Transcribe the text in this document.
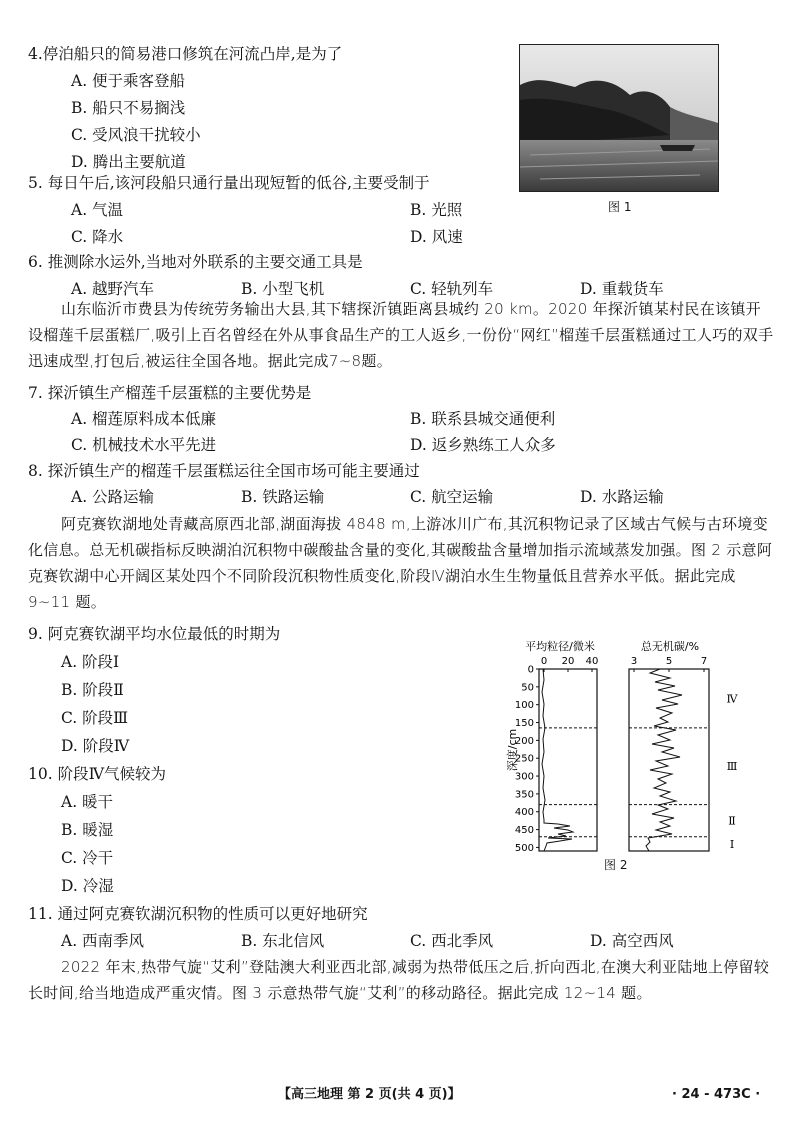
4.停泊船只的简易港口修筑在河流凸岸,是为了
A. 便于乘客登船
B. 船只不易搁浅
C. 受风浪干扰较小
D. 腾出主要航道
图 1
5. 每日午后,该河段船只通行量出现短暂的低谷,主要受制于
A. 气温	B. 光照
C. 降水	D. 风速
6. 推测除水运外,当地对外联系的主要交通工具是
A. 越野汽车	B. 小型飞机	C. 轻轨列车	D. 重载货车
山东临沂市费县为传统劳务输出大县,其下辖探沂镇距离县城约 20 km。2020 年探沂镇某村民在该镇开设榴莲千层蛋糕厂,吸引上百名曾经在外从事食品生产的工人返乡,一份份“网红”榴莲千层蛋糕通过工人巧的双手迅速成型,打包后,被运往全国各地。据此完成7~8题。
7. 探沂镇生产榴莲千层蛋糕的主要优势是
A. 榴莲原料成本低廉	B. 联系县城交通便利
C. 机械技术水平先进	D. 返乡熟练工人众多
8. 探沂镇生产的榴莲千层蛋糕运往全国市场可能主要通过
A. 公路运输	B. 铁路运输	C. 航空运输	D. 水路运输
阿克赛钦湖地处青藏高原西北部,湖面海拔 4848 m,上游冰川广布,其沉积物记录了区域古气候与古环境变化信息。总无机碳指标反映湖泊沉积物中碳酸盐含量的变化,其碳酸盐含量增加指示流域蒸发加强。图 2 示意阿克赛钦湖中心开阔区某处四个不同阶段沉积物性质变化,阶段Ⅳ湖泊水生生物量低且营养水平低。据此完成 9~11 题。
9. 阿克赛钦湖平均水位最低的时期为
A. 阶段Ⅰ
B. 阶段Ⅱ
C. 阶段Ⅲ
D. 阶段Ⅳ
10. 阶段Ⅳ气候较为
A. 暖干
B. 暖湿
C. 冷干
D. 冷湿
平均粒径/微米	总无机碳/%
深度/cm
0
50
100
150
200
250
300
350
400
450
500
0 20 40	3	5	7
Ⅳ
Ⅲ
Ⅱ
Ⅰ
图 2
11. 通过阿克赛钦湖沉积物的性质可以更好地研究
A. 西南季风	B. 东北信风	C. 西北季风	D. 高空西风
2022 年末,热带气旋“艾利”登陆澳大利亚西北部,减弱为热带低压之后,折向西北,在澳大利亚陆地上停留较长时间,给当地造成严重灾情。图 3 示意热带气旋“艾利”的移动路径。据此完成 12~14 题。
【高三地理 第 2 页(共 4 页)】	· 24 - 473C ·
